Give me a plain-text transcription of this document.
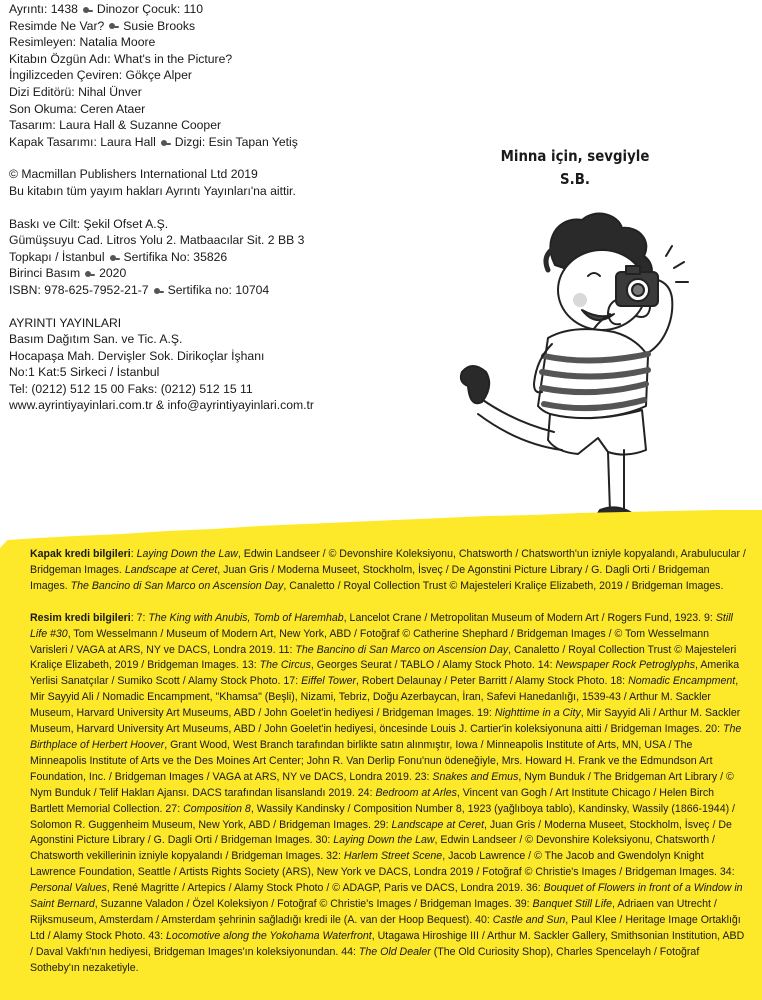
Ayrıntı: 1438 Dinozor Çocuk: 110
Resimde Ne Var? Susie Brooks
Resimleyen: Natalia Moore
Kitabın Özgün Adı: What's in the Picture?
İngilizceden Çeviren: Gökçe Alper
Dizi Editörü: Nihal Ünver
Son Okuma: Ceren Ataer
Tasarım: Laura Hall & Suzanne Cooper
Kapak Tasarımı: Laura Hall Dizgi: Esin Tapan Yetiş
© Macmillan Publishers International Ltd 2019
Bu kitabın tüm yayım hakları Ayrıntı Yayınları'na aittir.
Baskı ve Cilt: Şekil Ofset A.Ş.
Gümüşsuyu Cad. Litros Yolu 2. Matbaacılar Sit. 2 BB 3
Topkapı / İstanbul Sertifika No: 35826
Birinci Basım 2020
ISBN: 978-625-7952-21-7 Sertifika no: 10704
AYRINTI YAYINLARI
Basım Dağıtım San. ve Tic. A.Ş.
Hocapaşa Mah. Dervişler Sok. Dirikoçlar İşhanı
No:1 Kat:5 Sirkeci / İstanbul
Tel: (0212) 512 15 00 Faks: (0212) 512 15 11
www.ayrintiyayinlari.com.tr & info@ayrintiyayinlari.com.tr
Minna için, sevgiyle
S.B.

Kapak kredi bilgileri: Laying Down the Law, Edwin Landseer / © Devonshire Koleksiyonu, Chatsworth / Chatsworth'un izniyle kopyalandı, Arabulucular / Bridgeman Images. Landscape at Ceret, Juan Gris / Moderna Museet, Stockholm, İsveç / De Agonstini Picture Library / G. Dagli Orti / Bridgeman Images. The Bancino di San Marco on Ascension Day, Canaletto / Royal Collection Trust © Majesteleri Kraliçe Elizabeth, 2019 / Bridgeman Images.

Resim kredi bilgileri: 7: The King with Anubis, Tomb of Haremhab, Lancelot Crane / Metropolitan Museum of Modern Art / Rogers Fund, 1923. 9: Still Life #30, Tom Wesselmann / Museum of Modern Art, New York, ABD / Fotoğraf © Catherine Shephard / Bridgeman Images / © Tom Wesselmann Varisleri / VAGA at ARS, NY ve DACS, Londra 2019. 11: The Bancino di San Marco on Ascension Day, Canaletto / Royal Collection Trust © Majesteleri Kraliçe Elizabeth, 2019 / Bridgeman Images. 13: The Circus, Georges Seurat / TABLO / Alamy Stock Photo. 14: Newspaper Rock Petroglyphs, Amerika Yerlisi Sanatçılar / Sumiko Scott / Alamy Stock Photo. 17: Eiffel Tower, Robert Delaunay / Peter Barritt / Alamy Stock Photo. 18: Nomadic Encampment, Mir Sayyid Ali / Nomadic Encampment, "Khamsa" (Beşli), Nizami, Tebriz, Doğu Azerbaycan, İran, Safevi Hanedanlığı, 1539-43 / Arthur M. Sackler Museum, Harvard University Art Museums, ABD / John Goelet'in hediyesi / Bridgeman Images. 19: Nighttime in a City, Mir Sayyid Ali / Arthur M. Sackler Museum, Harvard University Art Museums, ABD / John Goelet'in hediyesi, öncesinde Louis J. Cartier'in koleksiyonuna aitti / Bridgeman Images. 20: The Birthplace of Herbert Hoover, Grant Wood, West Branch tarafından birlikte satın alınmıştır, Iowa / Minneapolis Institute of Arts, MN, USA / The Minneapolis Institute of Arts ve the Des Moines Art Center; John R. Van Derlip Fonu'nun ödeneğiyle, Mrs. Howard H. Frank ve the Edmundson Art Foundation, Inc. / Bridgeman Images / VAGA at ARS, NY ve DACS, Londra 2019. 23: Snakes and Emus, Nym Bunduk / The Bridgeman Art Library / © Nym Bunduk / Telif Hakları Ajansı. DACS tarafından lisanslandı 2019. 24: Bedroom at Arles, Vincent van Gogh / Art Institute Chicago / Helen Birch Bartlett Memorial Collection. 27: Composition 8, Wassily Kandinsky / Composition Number 8, 1923 (yağlıboya tablo), Kandinsky, Wassily (1866-1944) / Solomon R. Guggenheim Museum, New York, ABD / Bridgeman Images. 29: Landscape at Ceret, Juan Gris / Moderna Museet, Stockholm, İsveç / De Agonstini Picture Library / G. Dagli Orti / Bridgeman Images. 30: Laying Down the Law, Edwin Landseer / © Devonshire Koleksiyonu, Chatsworth / Chatsworth vekillerinin izniyle kopyalandı / Bridgeman Images. 32: Harlem Street Scene, Jacob Lawrence / © The Jacob and Gwendolyn Knight Lawrence Foundation, Seattle / Artists Rights Society (ARS), New York ve DACS, Londra 2019 / Fotoğraf © Christie's Images / Bridgeman Images. 34: Personal Values, René Magritte / Artepics / Alamy Stock Photo / © ADAGP, Paris ve DACS, Londra 2019. 36: Bouquet of Flowers in front of a Window in Saint Bernard, Suzanne Valadon / Özel Koleksiyon / Fotoğraf © Christie's Images / Bridgeman Images. 39: Banquet Still Life, Adriaen van Utrecht / Rijksmuseum, Amsterdam / Amsterdam şehrinin sağladığı kredi ile (A. van der Hoop Bequest). 40: Castle and Sun, Paul Klee / Heritage Image Ortaklığı Ltd / Alamy Stock Photo. 43: Locomotive along the Yokohama Waterfront, Utagawa Hiroshige III / Arthur M. Sackler Gallery, Smithsonian Institution, ABD / Daval Vakfı'nın hediyesi, Bridgeman Images'ın koleksiyonundan. 44: The Old Dealer (The Old Curiosity Shop), Charles Spencelayh / Fotoğraf Sotheby'ın nezaketiyle.
